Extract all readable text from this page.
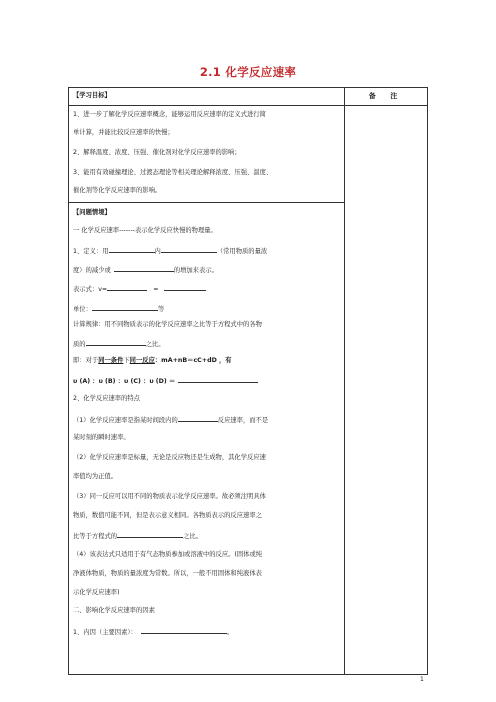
2.1 化学反应速率
备 注
【学习目标】
1、进一步了解化学反应速率概念，能够运用反应速率的定义式进行简
单计算，并能比较反应速率的快慢；
2、解释温度、浓度、压强、催化剂对化学反应速率的影响；
3、能用有效碰撞理论、过渡态理论等相关理论解释浓度、压强、温度、
催化剂等化学反应速率的影响。
【问题情境】
一 化学反应速率-------表示化学反应快慢的物理量。
1、定义：用	内	（常用物质的量浓
度）的减少或	的增加来表示。
表示式：v=	=
单位：	等
计算规律：用不同物质表示的化学反应速率之比等于方程式中的各物
质的	之比。
即：对于同一条件下同一反应：mA+nB＝cC+dD ，有
υ (A) ：υ (B) ：υ (C) ：υ (D) ＝
2、化学反应速率的特点
（1）化学反应速率是指某时间段内的	反应速率，而不是
某时刻的瞬时速率。
（2）化学反应速率是标量，无论是反应物还是生成物，其化学反应速
率值均为正值。
（3）同一反应可以用不同的物质表示化学反应速率。故必须注明具体
物质，数值可能不同，但是表示意义相同。各物质表示的反应速率之
比等于方程式的	之比。
（4）该表达式只适用于有气态物质参加或溶液中的反应。(固体或纯
净液体物质，物质的量浓度为常数。所以，一般不用固体和纯液体表
示化学反应速率)
二、影响化学反应速率的因素
1、内因（主要因素）：	。
1
